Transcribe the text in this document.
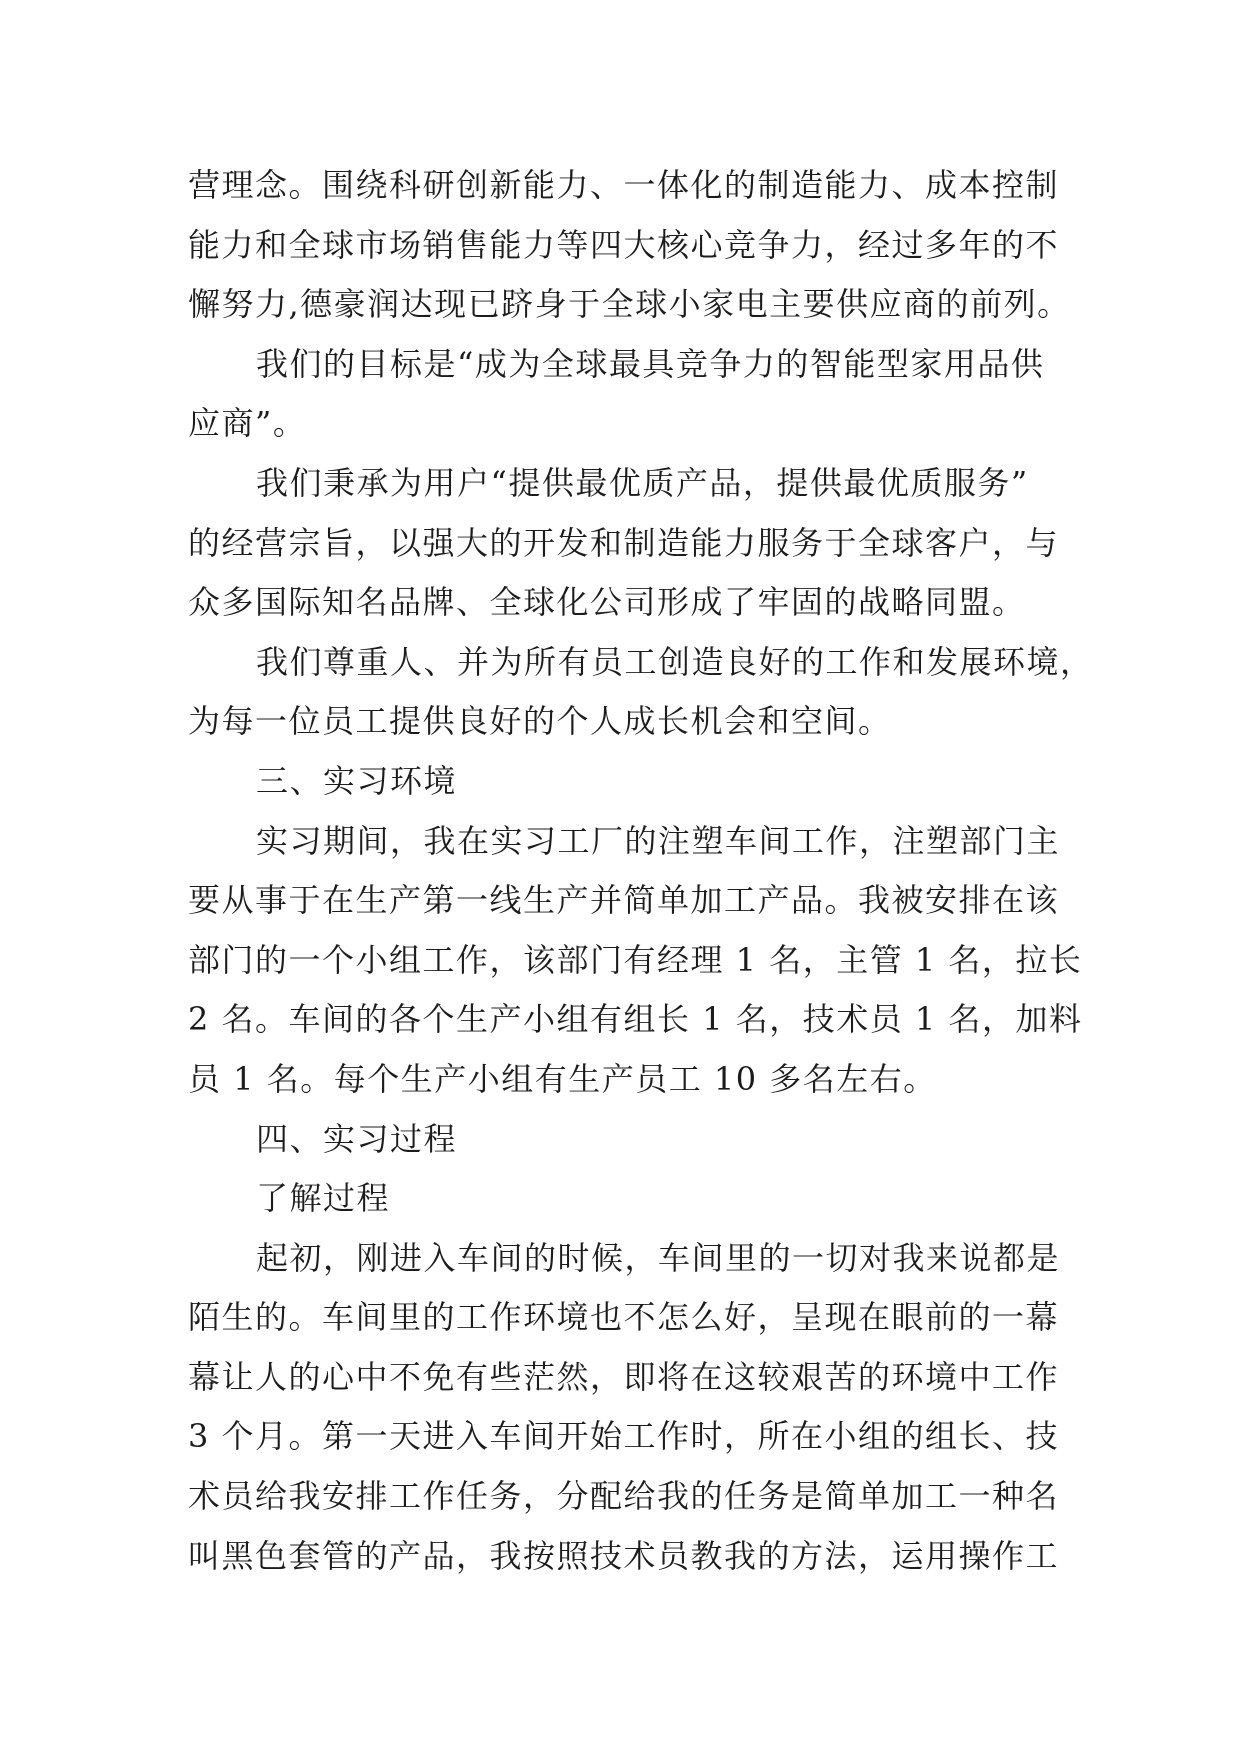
营理念。围绕科研创新能力、一体化的制造能力、成本控制
能力和全球市场销售能力等四大核心竞争力，经过多年的不
懈努力,德豪润达现已跻身于全球小家电主要供应商的前列。
我们的目标是“成为全球最具竞争力的智能型家用品供
应商”。
我们秉承为用户“提供最优质产品，提供最优质服务”
的经营宗旨，以强大的开发和制造能力服务于全球客户，与
众多国际知名品牌、全球化公司形成了牢固的战略同盟。
我们尊重人、并为所有员工创造良好的工作和发展环境，
为每一位员工提供良好的个人成长机会和空间。
三、实习环境
实习期间，我在实习工厂的注塑车间工作，注塑部门主
要从事于在生产第一线生产并简单加工产品。我被安排在该
部门的一个小组工作，该部门有经理 1 名，主管 1 名，拉长
2 名。车间的各个生产小组有组长 1 名，技术员 1 名，加料
员 1 名。每个生产小组有生产员工 10 多名左右。
四、实习过程
了解过程
起初，刚进入车间的时候，车间里的一切对我来说都是
陌生的。车间里的工作环境也不怎么好，呈现在眼前的一幕
幕让人的心中不免有些茫然，即将在这较艰苦的环境中工作
3 个月。第一天进入车间开始工作时，所在小组的组长、技
术员给我安排工作任务，分配给我的任务是简单加工一种名
叫黑色套管的产品，我按照技术员教我的方法，运用操作工
